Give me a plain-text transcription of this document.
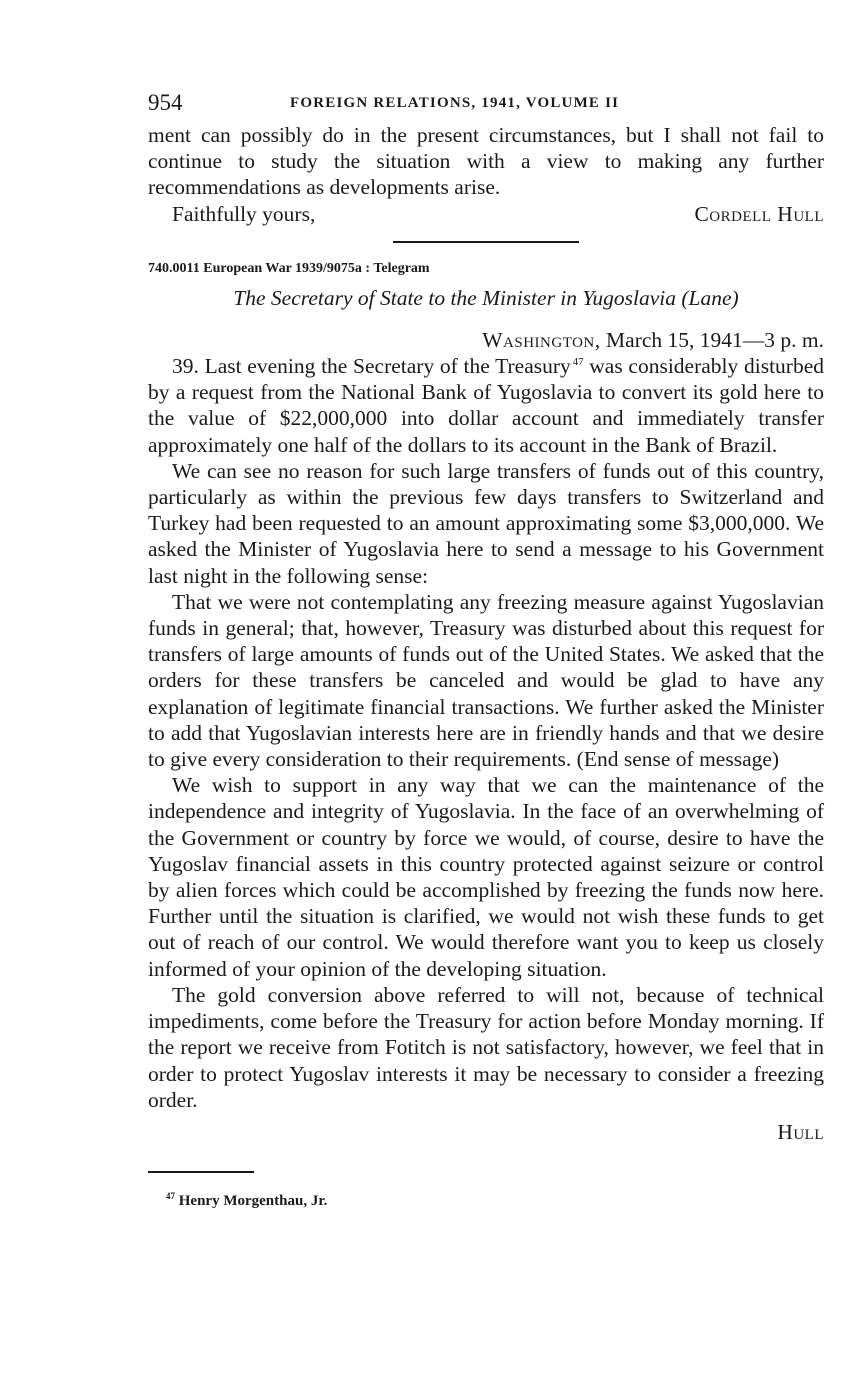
954	FOREIGN RELATIONS, 1941, VOLUME II

ment can possibly do in the present circumstances, but I shall not fail to continue to study the situation with a view to making any further recommendations as developments arise.

Faithfully yours,	Cordell Hull
740.0011 European War 1939/9075a : Telegram
The Secretary of State to the Minister in Yugoslavia (Lane)
Washington, March 15, 1941—3 p. m.

39. Last evening the Secretary of the Treasury  $^{47}$ was considerably disturbed by a request from the National Bank of Yugoslavia to convert its gold here to the value of $22,000,000 into dollar account and immediately transfer approximately one half of the dollars to its account in the Bank of Brazil.

We can see no reason for such large transfers of funds out of this country, particularly as within the previous few days transfers to Switzerland and Turkey had been requested to an amount approximating some $3,000,000. We asked the Minister of Yugoslavia here to send a message to his Government last night in the following sense:

That we were not contemplating any freezing measure against Yugoslavian funds in general; that, however, Treasury was disturbed about this request for transfers of large amounts of funds out of the United States. We asked that the orders for these transfers be canceled and would be glad to have any explanation of legitimate financial transactions. We further asked the Minister to add that Yugoslavian interests here are in friendly hands and that we desire to give every consideration to their requirements. (End sense of message)

We wish to support in any way that we can the maintenance of the independence and integrity of Yugoslavia. In the face of an overwhelming of the Government or country by force we would, of course, desire to have the Yugoslav financial assets in this country protected against seizure or control by alien forces which could be accomplished by freezing the funds now here. Further until the situation is clarified, we would not wish these funds to get out of reach of our control. We would therefore want you to keep us closely informed of your opinion of the developing situation.

The gold conversion above referred to will not, because of technical impediments, come before the Treasury for action before Monday morning. If the report we receive from Fotitch is not satisfactory, however, we feel that in order to protect Yugoslav interests it may be necessary to consider a freezing order.

Hull
$^{47}$ Henry Morgenthau, Jr.
